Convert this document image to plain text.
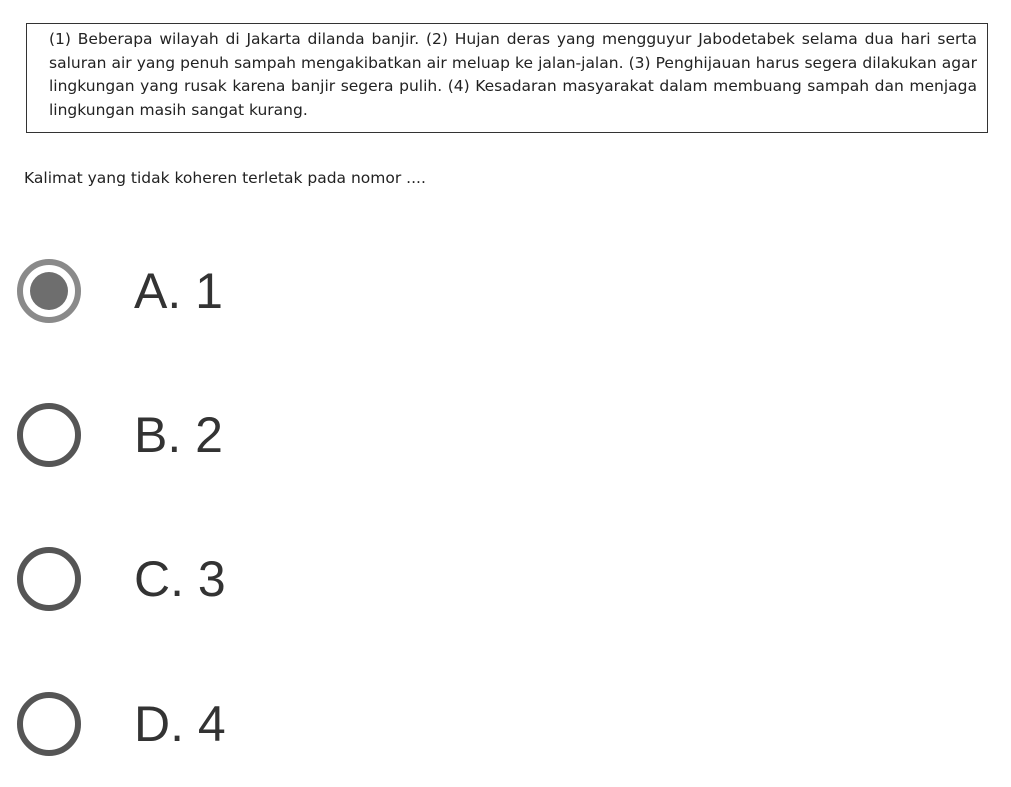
(1) Beberapa wilayah di Jakarta dilanda banjir. (2) Hujan deras yang mengguyur Jabodetabek selama dua hari serta saluran air yang penuh sampah mengakibatkan air meluap ke jalan-jalan. (3) Penghijauan harus segera dilakukan agar lingkungan yang rusak karena banjir segera pulih. (4) Kesadaran masyarakat dalam membuang sampah dan menjaga lingkungan masih sangat kurang.
Kalimat yang tidak koheren terletak pada nomor ....
A. 1
B. 2
C. 3
D. 4
